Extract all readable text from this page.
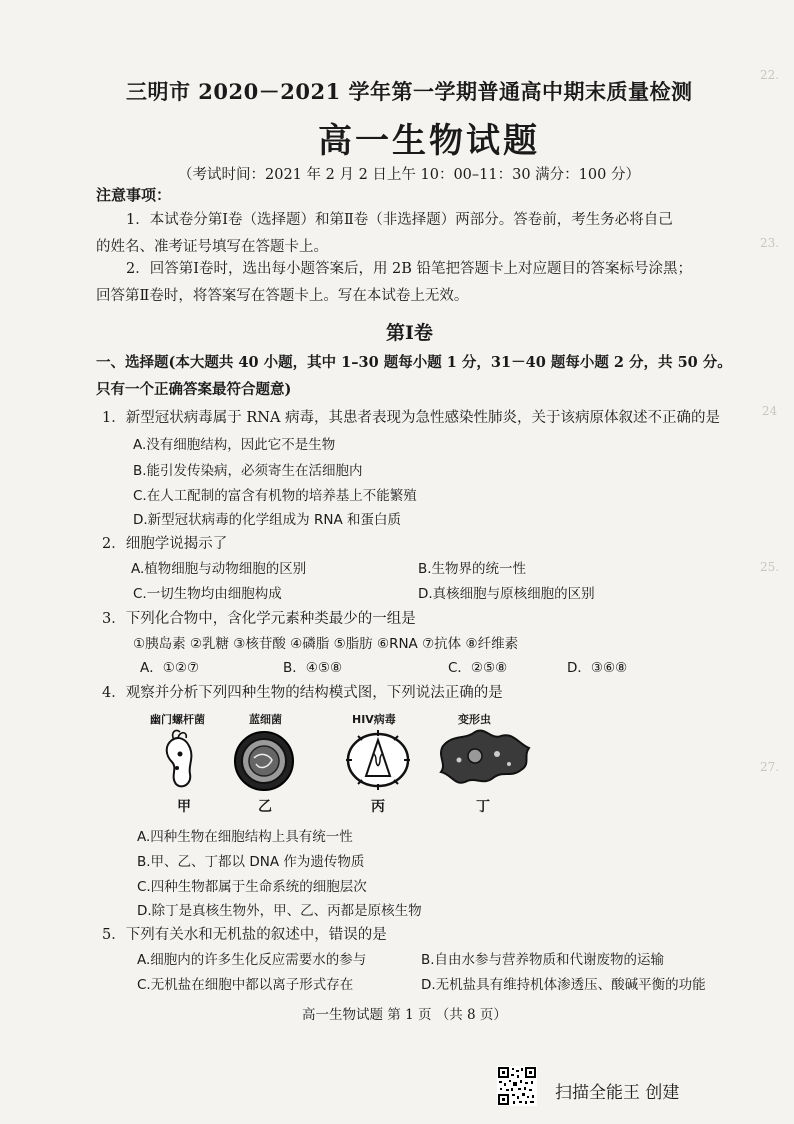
22.
23.
24
25.
27.
三明市 2020－2021 学年第一学期普通高中期末质量检测
高一生物试题
（考试时间：2021 年 2 月 2 日上午 10：00–11：30 满分：100 分）
注意事项：
1．本试卷分第Ⅰ卷（选择题）和第Ⅱ卷（非选择题）两部分。答卷前，考生务必将自己
的姓名、准考证号填写在答题卡上。
2．回答第Ⅰ卷时，选出每小题答案后，用 2B 铅笔把答题卡上对应题目的答案标号涂黑；
回答第Ⅱ卷时，将答案写在答题卡上。写在本试卷上无效。
第Ⅰ卷
一、选择题(本大题共 40 小题，其中 1–30 题每小题 1 分，31－40 题每小题 2 分，共 50 分。
只有一个正确答案最符合题意)
1．新型冠状病毒属于 RNA 病毒，其患者表现为急性感染性肺炎，关于该病原体叙述不正确的是
A.没有细胞结构，因此它不是生物
B.能引发传染病，必须寄生在活细胞内
C.在人工配制的富含有机物的培养基上不能繁殖
D.新型冠状病毒的化学组成为 RNA 和蛋白质
2．细胞学说揭示了
A.植物细胞与动物细胞的区别	B.生物界的统一性
C.一切生物均由细胞构成	D.真核细胞与原核细胞的区别
3．下列化合物中，含化学元素种类最少的一组是
①胰岛素 ②乳糖 ③核苷酸 ④磷脂 ⑤脂肪 ⑥RNA ⑦抗体 ⑧纤维素
A．①②⑦	B．④⑤⑧	C．②⑤⑧	D．③⑥⑧
4．观察并分析下列四种生物的结构模式图，下列说法正确的是
幽门螺杆菌	蓝细菌	HIV病毒	变形虫
甲	乙	丙	丁
A.四种生物在细胞结构上具有统一性
B.甲、乙、丁都以 DNA 作为遗传物质
C.四种生物都属于生命系统的细胞层次
D.除丁是真核生物外，甲、乙、丙都是原核生物
5．下列有关水和无机盐的叙述中，错误的是
A.细胞内的许多生化反应需要水的参与	B.自由水参与营养物质和代谢废物的运输
C.无机盐在细胞中都以离子形式存在	D.无机盐具有维持机体渗透压、酸碱平衡的功能
高一生物试题 第 1 页 （共 8 页）
扫描全能王 创建
